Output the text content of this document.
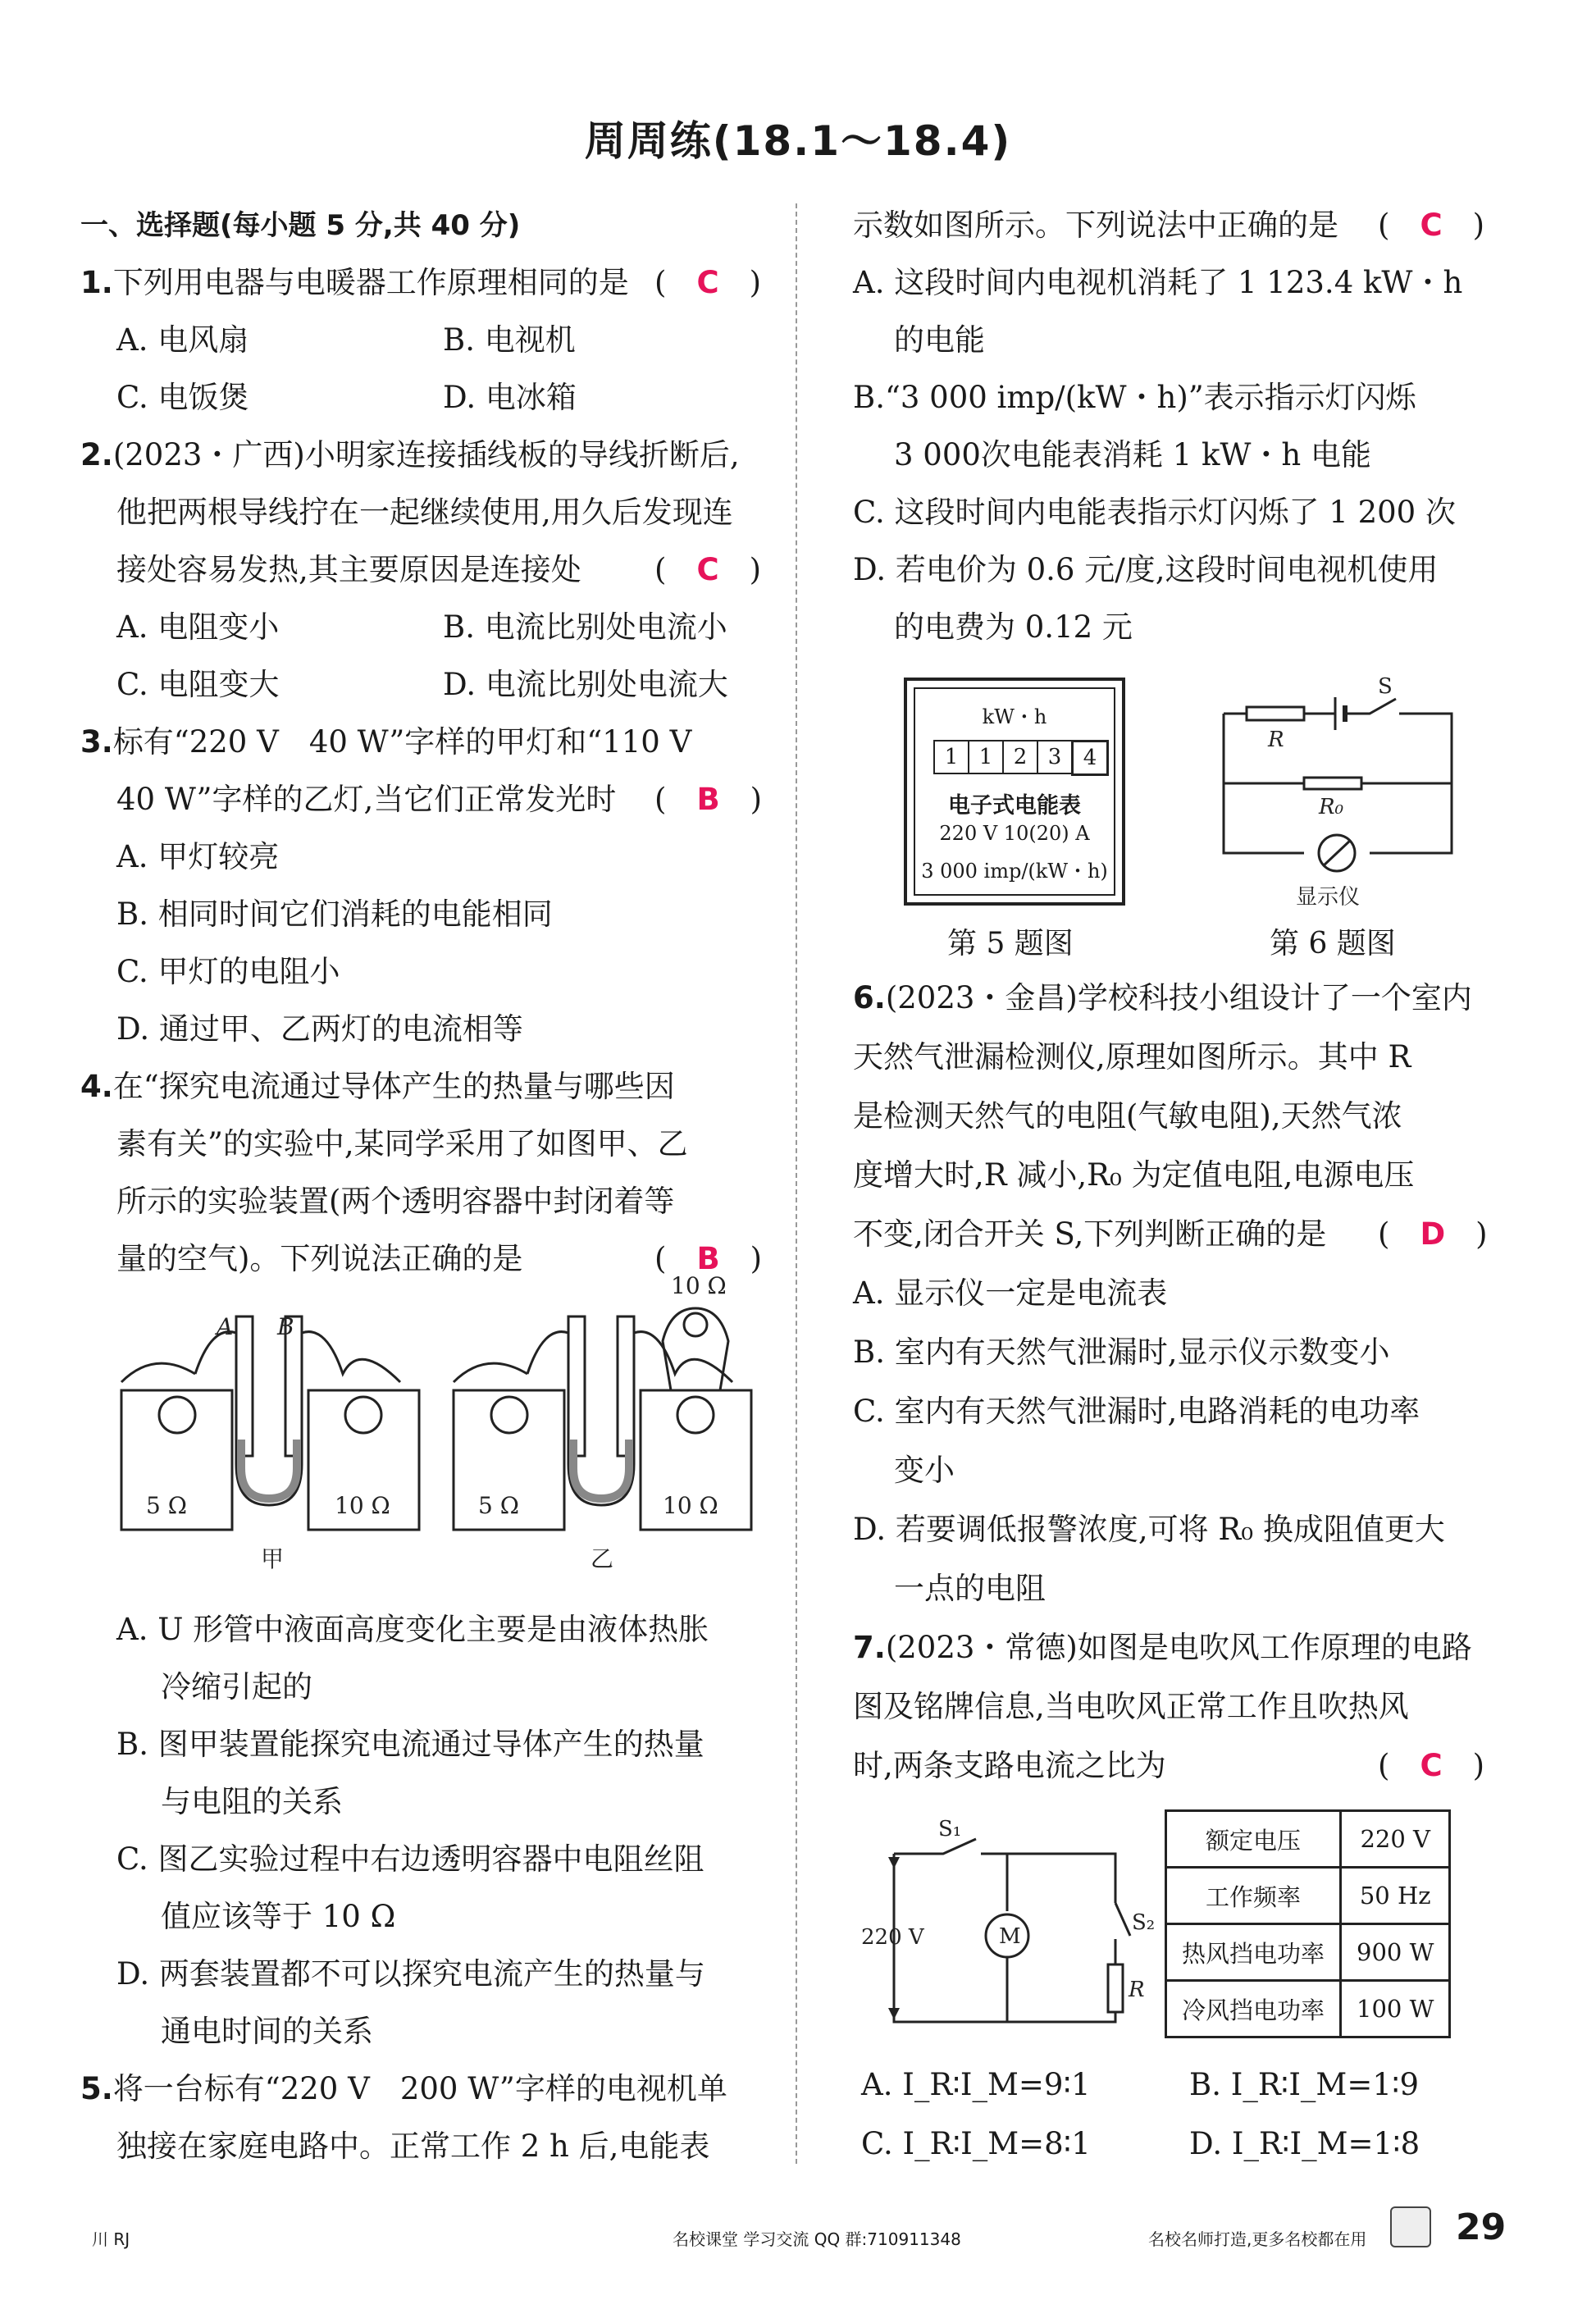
周周练(18.1～18.4)
一、选择题(每小题 5 分,共 40 分)
1.下列用电器与电暖器工作原理相同的是 (　C　)
A. 电风扇	B. 电视机
C. 电饭煲	D. 电冰箱
2.(2023・广西)小明家连接插线板的导线折断后,
他把两根导线拧在一起继续使用,用久后发现连
接处容易发热,其主要原因是连接处 (　C　)
A. 电阻变小	B. 电流比别处电流小
C. 电阻变大	D. 电流比别处电流大
3.标有“220 V　40 W”字样的甲灯和“110 V
40 W”字样的乙灯,当它们正常发光时 (　B　)
A. 甲灯较亮
B. 相同时间它们消耗的电能相同
C. 甲灯的电阻小
D. 通过甲、乙两灯的电流相等
4.在“探究电流通过导体产生的热量与哪些因
素有关”的实验中,某同学采用了如图甲、乙
所示的实验装置(两个透明容器中封闭着等
量的空气)。下列说法正确的是	(　B　)
A B
5 Ω	10 Ω	5 Ω	10 Ω
10 Ω
甲	乙
A. U 形管中液面高度变化主要是由液体热胀
冷缩引起的
B. 图甲装置能探究电流通过导体产生的热量
与电阻的关系
C. 图乙实验过程中右边透明容器中电阻丝阻
值应该等于 10 Ω
D. 两套装置都不可以探究电流产生的热量与
通电时间的关系
5.将一台标有“220 V　200 W”字样的电视机单
独接在家庭电路中。正常工作 2 h 后,电能表
示数如图所示。下列说法中正确的是 (　C　)
A. 这段时间内电视机消耗了 1 123.4 kW・h
的电能
B.“3 000 imp/(kW・h)”表示指示灯闪烁
3 000次电能表消耗 1 kW・h 电能
C. 这段时间内电能表指示灯闪烁了 1 200 次
D. 若电价为 0.6 元/度,这段时间电视机使用
的电费为 0.12 元
kW・h
1 1 2 3	4
电子式电能表
220 V 10(20) A
3 000 imp/(kW・h)
第 5 题图
S
R
R₀
显示仪
第 6 题图
6.(2023・金昌)学校科技小组设计了一个室内
天然气泄漏检测仪,原理如图所示。其中 R
是检测天然气的电阻(气敏电阻),天然气浓
度增大时,R 减小,R₀ 为定值电阻,电源电压
不变,闭合开关 S,下列判断正确的是 (　D　)
A. 显示仪一定是电流表
B. 室内有天然气泄漏时,显示仪示数变小
C. 室内有天然气泄漏时,电路消耗的电功率
变小
D. 若要调低报警浓度,可将 R₀ 换成阻值更大
一点的电阻
7.(2023・常德)如图是电吹风工作原理的电路
图及铭牌信息,当电吹风正常工作且吹热风
时,两条支路电流之比为	(　C　)
S₁
S₂
220 V	M
R
额定电压	220 V
工作频率	50 Hz
热风挡电功率	900 W
冷风挡电功率	100 W
A. I_R∶I_M=9∶1	B. I_R∶I_M=1∶9
C. I_R∶I_M=8∶1	D. I_R∶I_M=1∶8
川 RJ	名校课堂 学习交流 QQ 群:710911348	名校名师打造,更多名校都在用 29
